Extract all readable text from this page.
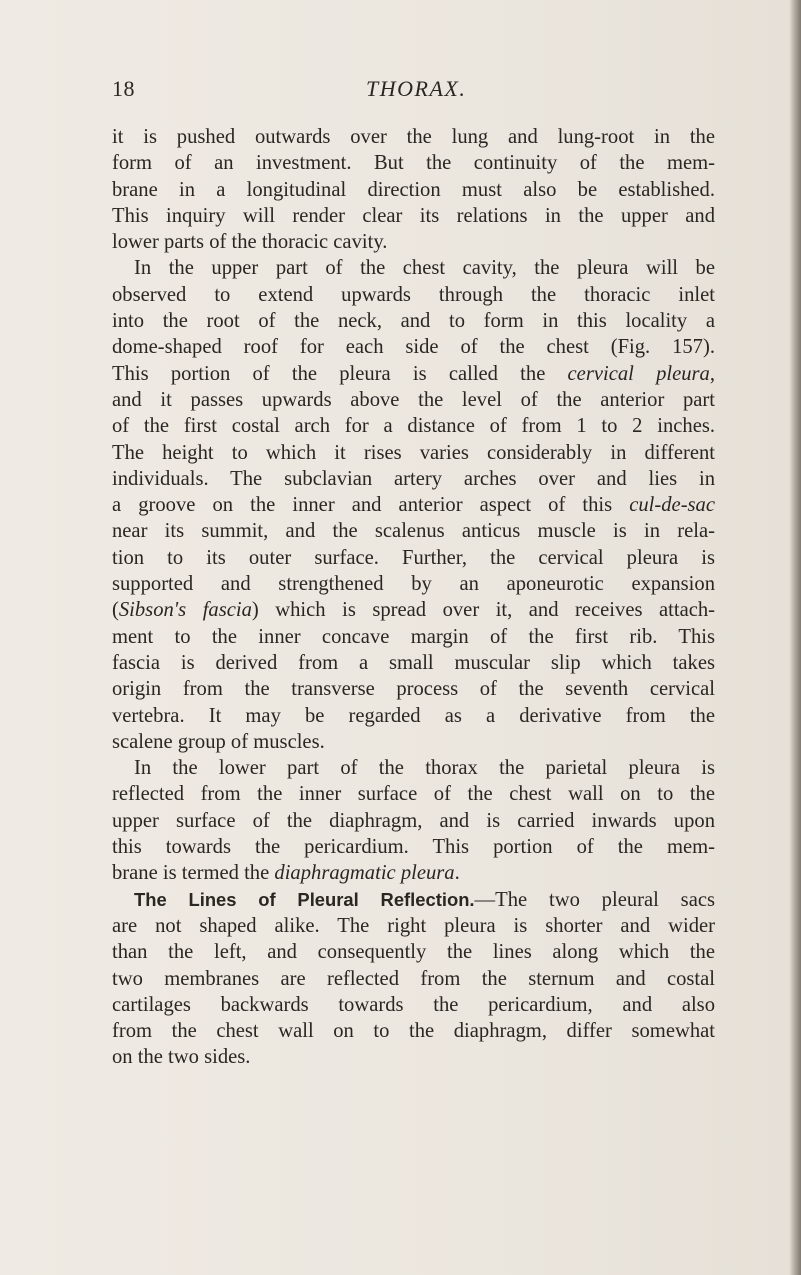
18	THORAX.
it is pushed outwards over the lung and lung-root in the
form of an investment. But the continuity of the mem-
brane in a longitudinal direction must also be established.
This inquiry will render clear its relations in the upper and
lower parts of the thoracic cavity.
In the upper part of the chest cavity, the pleura will be
observed to extend upwards through the thoracic inlet
into the root of the neck, and to form in this locality a
dome-shaped roof for each side of the chest (Fig. 157).
This portion of the pleura is called the cervical pleura,
and it passes upwards above the level of the anterior part
of the first costal arch for a distance of from 1 to 2 inches.
The height to which it rises varies considerably in different
individuals. The subclavian artery arches over and lies in
a groove on the inner and anterior aspect of this cul-de-sac
near its summit, and the scalenus anticus muscle is in rela-
tion to its outer surface. Further, the cervical pleura is
supported and strengthened by an aponeurotic expansion
(Sibson's fascia) which is spread over it, and receives attach-
ment to the inner concave margin of the first rib. This
fascia is derived from a small muscular slip which takes
origin from the transverse process of the seventh cervical
vertebra. It may be regarded as a derivative from the
scalene group of muscles.
In the lower part of the thorax the parietal pleura is
reflected from the inner surface of the chest wall on to the
upper surface of the diaphragm, and is carried inwards upon
this towards the pericardium. This portion of the mem-
brane is termed the diaphragmatic pleura.
The Lines of Pleural Reflection.—The two pleural sacs
are not shaped alike. The right pleura is shorter and wider
than the left, and consequently the lines along which the
two membranes are reflected from the sternum and costal
cartilages backwards towards the pericardium, and also
from the chest wall on to the diaphragm, differ somewhat
on the two sides.
